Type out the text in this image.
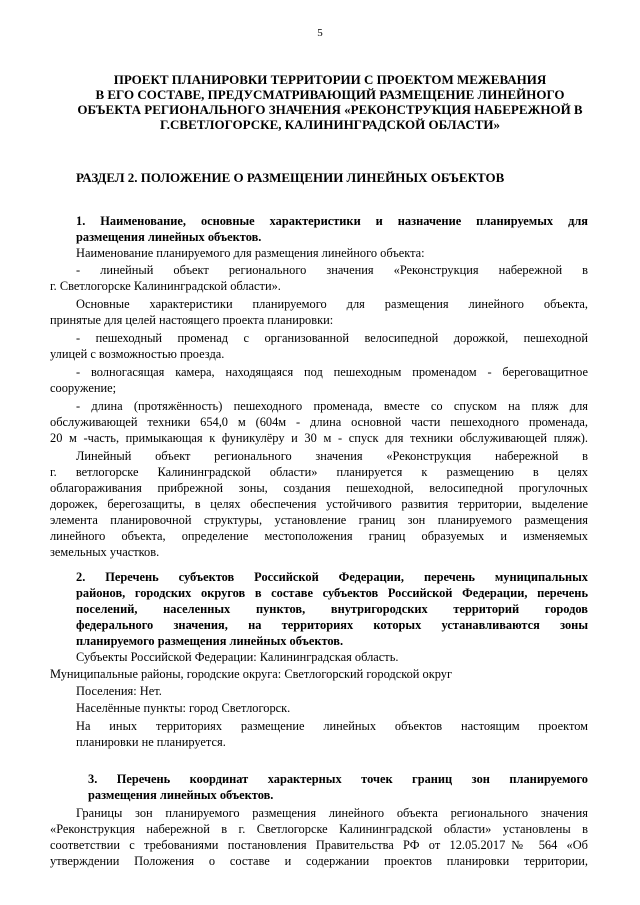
5
ПРОЕКТ ПЛАНИРОВКИ ТЕРРИТОРИИ С ПРОЕКТОМ МЕЖЕВАНИЯ
В ЕГО СОСТАВЕ, ПРЕДУСМАТРИВАЮЩИЙ РАЗМЕЩЕНИЕ ЛИНЕЙНОГО
ОБЪЕКТА РЕГИОНАЛЬНОГО ЗНАЧЕНИЯ «РЕКОНСТРУКЦИЯ НАБЕРЕЖНОЙ В
Г.СВЕТЛОГОРСКЕ, КАЛИНИНГРАДСКОЙ ОБЛАСТИ»
РАЗДЕЛ 2. ПОЛОЖЕНИЕ О РАЗМЕЩЕНИИ ЛИНЕЙНЫХ ОБЪЕКТОВ
1. Наименование, основные характеристики и назначение планируемых для
размещения линейных объектов.
Наименование планируемого для размещения линейного объекта:
- линейный объект регионального значения «Реконструкция набережной в
г. Светлогорске Калининградской области».
Основные характеристики планируемого для размещения линейного объекта,
принятые для целей настоящего проекта планировки:
- пешеходный променад с организованной велосипедной дорожкой, пешеходной
улицей с возможностью проезда.
- волногасящая камера, находящаяся под пешеходным променадом - береговащитное
сооружение;
- длина (протяжённость) пешеходного променада, вместе со спуском на пляж для
обслуживающей техники 654,0 м (604м - длина основной части пешеходного променада,
20 м -часть, примыкающая к фуникулёру и 30 м - спуск для техники обслуживающей пляж).
Линейный объект регионального значения «Реконструкция набережной в
г. ветлогорске Калининградской области» планируется к размещению в целях
облагораживания прибрежной зоны, создания пешеходной, велосипедной прогулочных
дорожек, берегозащиты, в целях обеспечения устойчивого развития территории, выделение
элемента планировочной структуры, установление границ зон планируемого размещения
линейного объекта, определение местоположения границ образуемых и изменяемых
земельных участков.
2. Перечень субъектов Российской Федерации, перечень муниципальных
районов, городских округов в составе субъектов Российской Федерации, перечень
поселений, населенных пунктов, внутригородских территорий городов
федерального значения, на территориях которых устанавливаются зоны
планируемого размещения линейных объектов.
Субъекты Российской Федерации: Калининградская область.
Муниципальные районы, городские округа: Светлогорский городской округ
Поселения: Нет.
Населённые пункты: город Светлогорск.
На иных территориях размещение линейных объектов настоящим проектом
планировки не планируется.
3. Перечень координат характерных точек границ зон планируемого
размещения линейных объектов.
Границы зон планируемого размещения линейного объекта регионального значения
«Реконструкция набережной в г. Светлогорске Калининградской области» установлены в
соответствии с требованиями постановления Правительства РФ от 12.05.2017№ 564 «Об
утверждении Положения о составе и содержании проектов планировки территории,
